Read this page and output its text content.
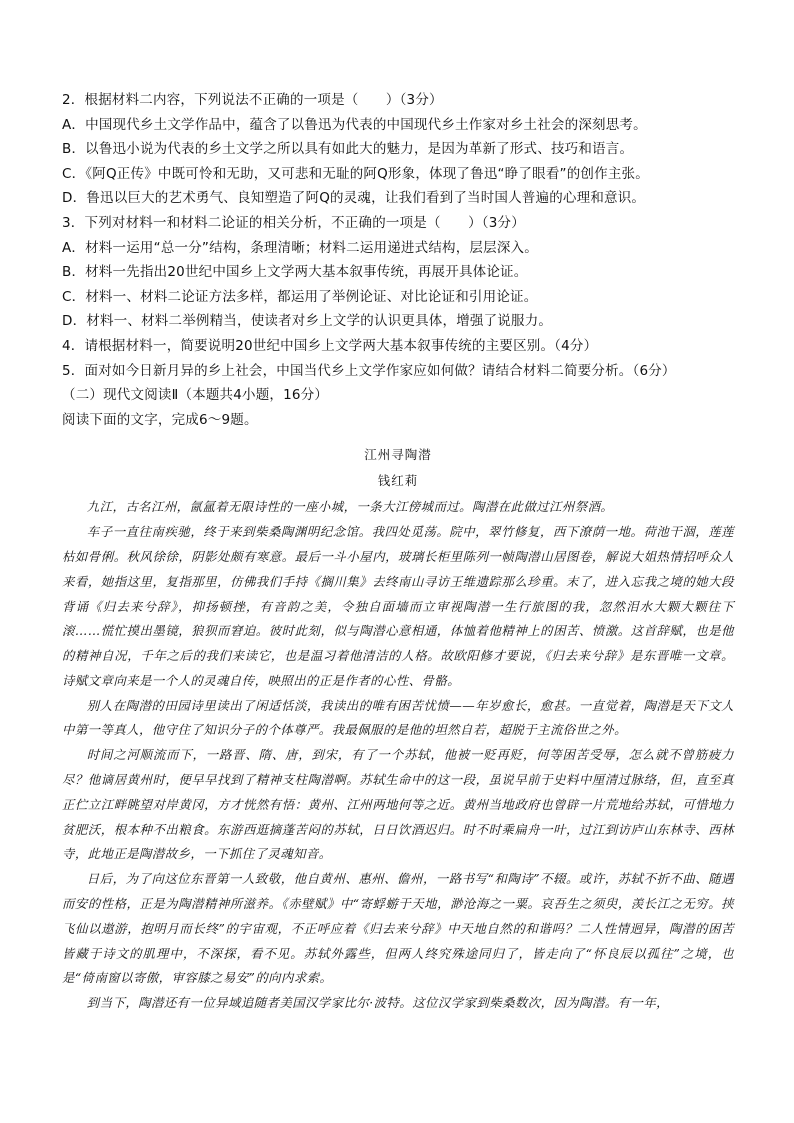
2．根据材料二内容，下列说法不正确的一项是（　　）（3分）

A．中国现代乡土文学作品中，蕴含了以鲁迅为代表的中国现代乡土作家对乡土社会的深刻思考。

B．以鲁迅小说为代表的乡土文学之所以具有如此大的魅力，是因为革新了形式、技巧和语言。

C．《阿Q正传》中既可怜和无助，又可悲和无耻的阿Q形象，体现了鲁迅“睁了眼看”的创作主张。

D．鲁迅以巨大的艺术勇气、良知塑造了阿Q的灵魂，让我们看到了当时国人普遍的心理和意识。

3．下列对材料一和材料二论证的相关分析，不正确的一项是（　　）（3分）

A．材料一运用“总一分”结构，条理清晰；材料二运用递进式结构，层层深入。

B．材料一先指出20世纪中国乡上文学两大基本叙事传统，再展开具体论证。

C．材料一、材料二论证方法多样，都运用了举例论证、对比论证和引用论证。

D．材料一、材料二举例精当，使读者对乡上文学的认识更具体，增强了说服力。

4．请根据材料一，简要说明20世纪中国乡上文学两大基本叙事传统的主要区别。（4分）

5．面对如今日新月异的乡上社会，中国当代乡上文学作家应如何做？请结合材料二简要分析。（6分）

（二）现代文阅读Ⅱ（本题共4小题，16分）

阅读下面的文字，完成6～9题。

江州寻陶潜
钱红莉

九江，古名江州，氤氲着无限诗性的一座小城，一条大江傍城而过。陶潜在此做过江州祭酒。

车子一直往南疾驰，终于来到柴桑陶渊明纪念馆。我四处觅荡。院中，翠竹修复，西下潦荫一地。荷池干涸，莲莲枯如骨俐。秋风徐徐，阴影处颇有寒意。最后一斗小屋内，玻璃长柜里陈列一帧陶潜山居图卷，解说大姐热情招呼众人来看，她指这里，复指那里，仿佛我们手持《搁川集》去终南山寻访王维遗踪那么珍重。末了，进入忘我之境的她大段背诵《归去来兮辞》，抑扬顿挫，有音韵之美，令独自面墙而立审视陶潜一生行旅图的我，忽然泪水大颗大颗往下滚……慌忙摸出墨镜，狼狈而窘迫。彼时此刻，似与陶潜心意相通，体恤着他精神上的困苦、愤激。这首辞赋，也是他的精神自况，千年之后的我们来读它，也是温习着他清洁的人格。故欧阳修才要说，《归去来兮辞》是东晋唯一文章。诗赋文章向来是一个人的灵魂自传，映照出的正是作者的心性、骨骼。

别人在陶潜的田园诗里读出了闲适恬淡，我读出的唯有困苦忧愤——年岁愈长，愈甚。一直觉着，陶潜是天下文人中第一等真人，他守住了知识分子的个体尊严。我最佩服的是他的坦然自若，超脱于主流俗世之外。

时间之河顺流而下，一路晋、隋、唐，到宋，有了一个苏轼，他被一贬再贬，何等困苦受辱，怎么就不曾筋疲力尽？他谪居黄州时，便早早找到了精神支柱陶潜啊。苏轼生命中的这一段，虽说早前于史料中厘清过脉络，但，直至真正伫立江畔眺望对岸黄冈，方才恍然有悟：黄州、江州两地何等之近。黄州当地政府也曾辟一片荒地给苏轼，可惜地力贫肥沃，根本种不出粮食。东游西逛摘蓬苦闷的苏轼，日日饮酒迟归。时不时乘扁舟一叶，过江到访庐山东林寺、西林寺，此地正是陶潜故乡，一下抓住了灵魂知音。

日后，为了向这位东晋第一人致敬，他自黄州、惠州、儋州，一路书写“和陶诗”不辍。或许，苏轼不折不曲、随遇而安的性格，正是为陶潜精神所滋养。《赤壁赋》中“寄蜉蝣于天地，渺沧海之一粟。哀吾生之须臾，羡长江之无穷。挟飞仙以遨游，抱明月而长终”的宇宙观，不正呼应着《归去来兮辞》中天地自然的和谐吗？二人性情迥异，陶潜的困苦皆藏于诗文的肌理中，不深探，看不见。苏轼外露些，但两人终究殊途同归了，皆走向了“怀良辰以孤往”之境，也是“倚南窗以寄傲，审容膝之易安”的向内求索。

到当下，陶潜还有一位异域追随者美国汉学家比尔·波特。这位汉学家到柴桑数次，因为陶潜。有一年，
